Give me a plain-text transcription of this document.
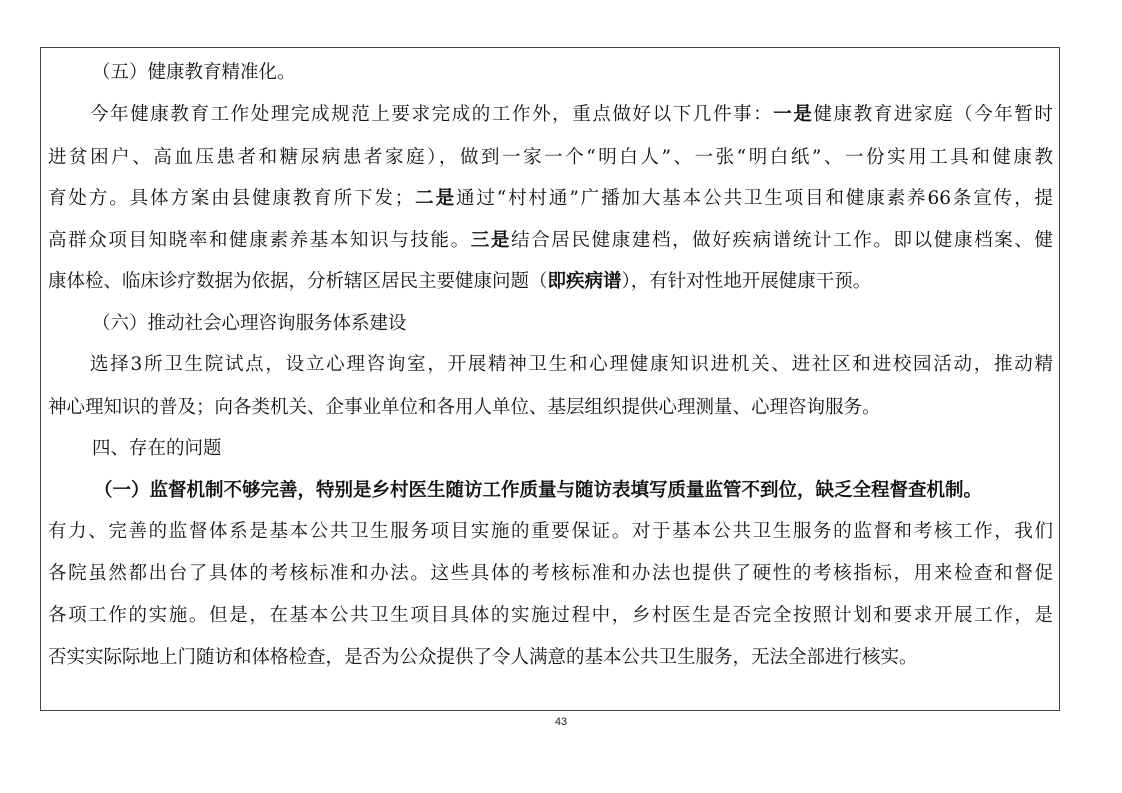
（五）健康教育精准化。
今年健康教育工作处理完成规范上要求完成的工作外，重点做好以下几件事：一是健康教育进家庭（今年暂时
进贫困户、高血压患者和糖尿病患者家庭），做到一家一个“明白人”、一张“明白纸”、一份实用工具和健康教
育处方。具体方案由县健康教育所下发；二是通过“村村通”广播加大基本公共卫生项目和健康素养66条宣传，提
高群众项目知晓率和健康素养基本知识与技能。三是结合居民健康建档，做好疾病谱统计工作。即以健康档案、健
康体检、临床诊疗数据为依据，分析辖区居民主要健康问题（即疾病谱），有针对性地开展健康干预。
（六）推动社会心理咨询服务体系建设
选择3所卫生院试点，设立心理咨询室，开展精神卫生和心理健康知识进机关、进社区和进校园活动，推动精
神心理知识的普及；向各类机关、企事业单位和各用人单位、基层组织提供心理测量、心理咨询服务。
四、存在的问题
（一）监督机制不够完善，特别是乡村医生随访工作质量与随访表填写质量监管不到位，缺乏全程督查机制。
有力、完善的监督体系是基本公共卫生服务项目实施的重要保证。对于基本公共卫生服务的监督和考核工作，我们
各院虽然都出台了具体的考核标准和办法。这些具体的考核标准和办法也提供了硬性的考核指标，用来检查和督促
各项工作的实施。但是，在基本公共卫生项目具体的实施过程中，乡村医生是否完全按照计划和要求开展工作，是
否实实际际地上门随访和体格检查，是否为公众提供了令人满意的基本公共卫生服务，无法全部进行核实。
43
